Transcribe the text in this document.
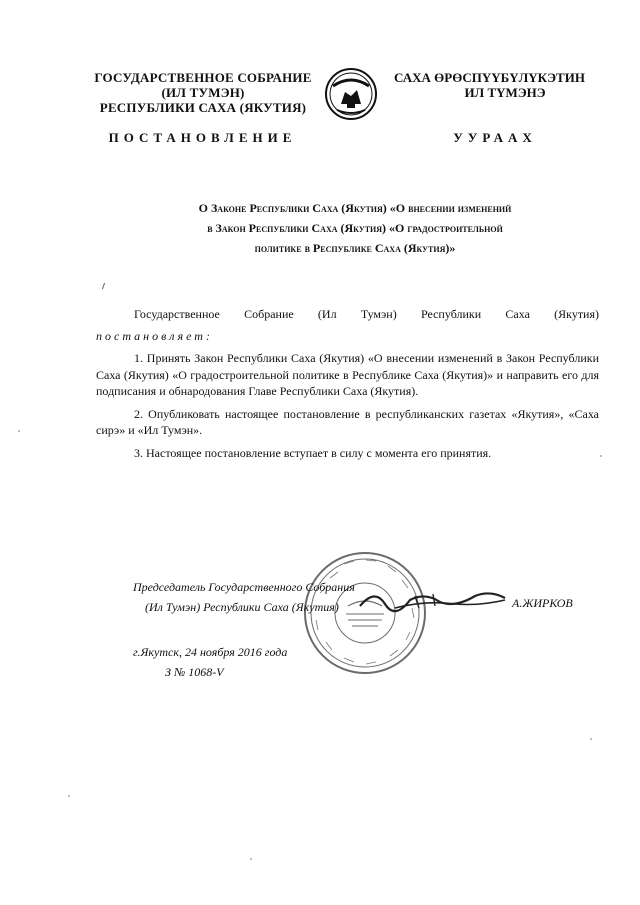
ГОСУДАРСТВЕННОЕ СОБРАНИЕ
(ИЛ ТУМЭН)
РЕСПУБЛИКИ САХА (ЯКУТИЯ)
САХА ӨРӨСПҮҮБҮЛҮКЭТИН
ИЛ ТҮМЭНЭ
ПОСТАНОВЛЕНИЕ	УУРААХ
О Законе Республики Саха (Якутия) «О внесении изменений
в Закон Республики Саха (Якутия) «О градостроительной
политике в Республике Саха (Якутия)»

Государственное Собрание (Ил Тумэн) Республики Саха (Якутия)

постановляет:

1. Принять Закон Республики Саха (Якутия) «О внесении изменений в Закон Республики Саха (Якутия) «О градостроительной политике в Республике Саха (Якутия)» и направить его для подписания и обнародования Главе Республики Саха (Якутия).

2. Опубликовать настоящее постановление в республиканских газетах «Якутия», «Саха сирэ» и «Ил Тумэн».

3. Настоящее постановление вступает в силу с момента его принятия.

Председатель Государственного Собрания
(Ил Тумэн) Республики Саха (Якутия)	А.ЖИРКОВ
г.Якутск, 24 ноября 2016 года
З № 1068-V
